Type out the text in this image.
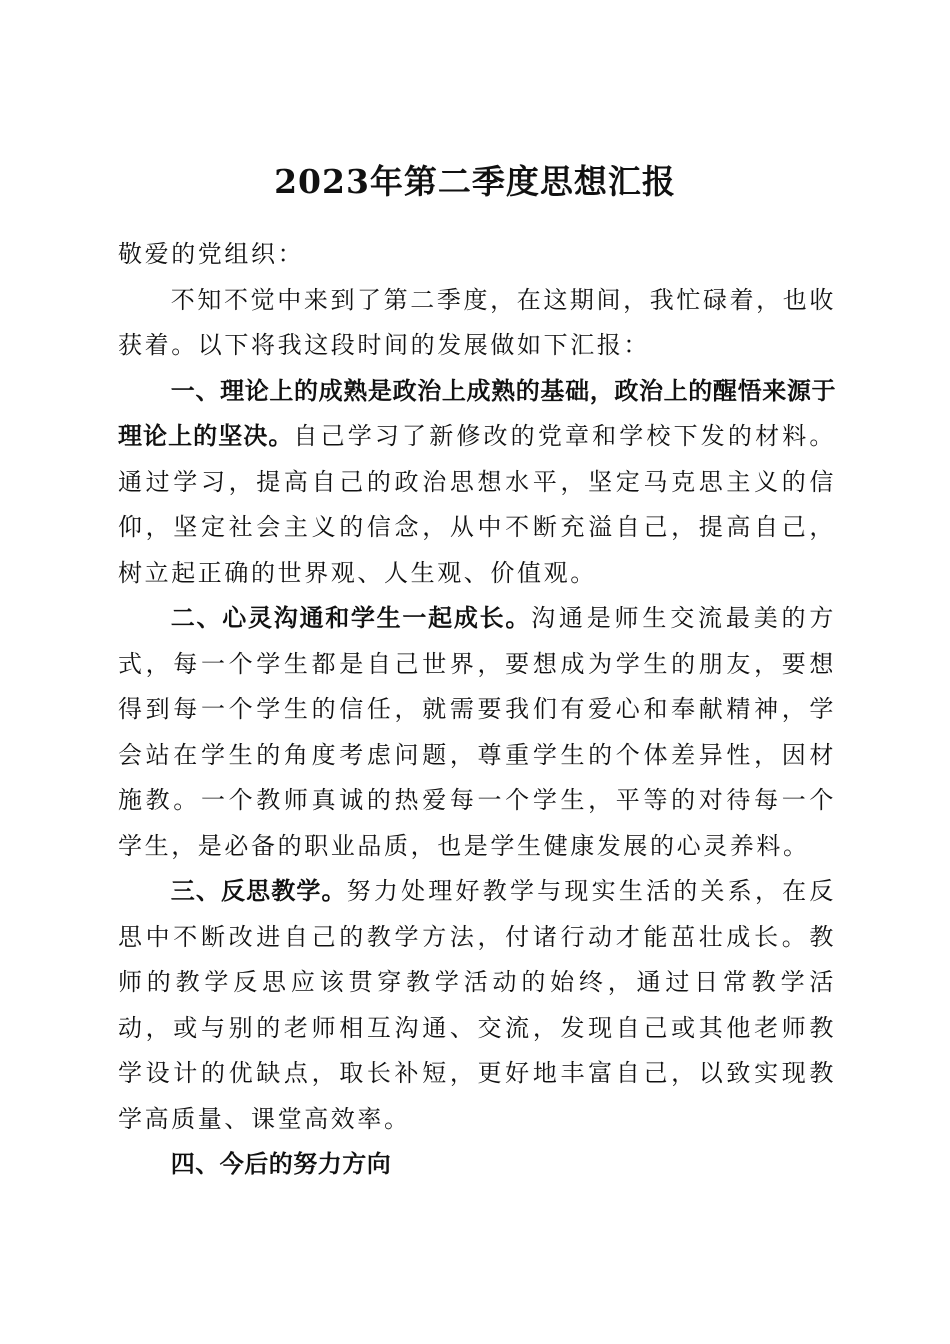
2023年第二季度思想汇报

敬爱的党组织：

不知不觉中来到了第二季度，在这期间，我忙碌着，也收获着。以下将我这段时间的发展做如下汇报：

一、理论上的成熟是政治上成熟的基础，政治上的醒悟来源于理论上的坚决。自己学习了新修改的党章和学校下发的材料。通过学习，提高自己的政治思想水平，坚定马克思主义的信仰，坚定社会主义的信念，从中不断充溢自己，提高自己，树立起正确的世界观、人生观、价值观。

二、心灵沟通和学生一起成长。沟通是师生交流最美的方式，每一个学生都是自己世界，要想成为学生的朋友，要想得到每一个学生的信任，就需要我们有爱心和奉献精神，学会站在学生的角度考虑问题，尊重学生的个体差异性，因材施教。一个教师真诚的热爱每一个学生，平等的对待每一个学生，是必备的职业品质，也是学生健康发展的心灵养料。

三、反思教学。努力处理好教学与现实生活的关系，在反思中不断改进自己的教学方法，付诸行动才能茁壮成长。教师的教学反思应该贯穿教学活动的始终，通过日常教学活动，或与别的老师相互沟通、交流，发现自己或其他老师教学设计的优缺点，取长补短，更好地丰富自己，以致实现教学高质量、课堂高效率。

四、今后的努力方向
